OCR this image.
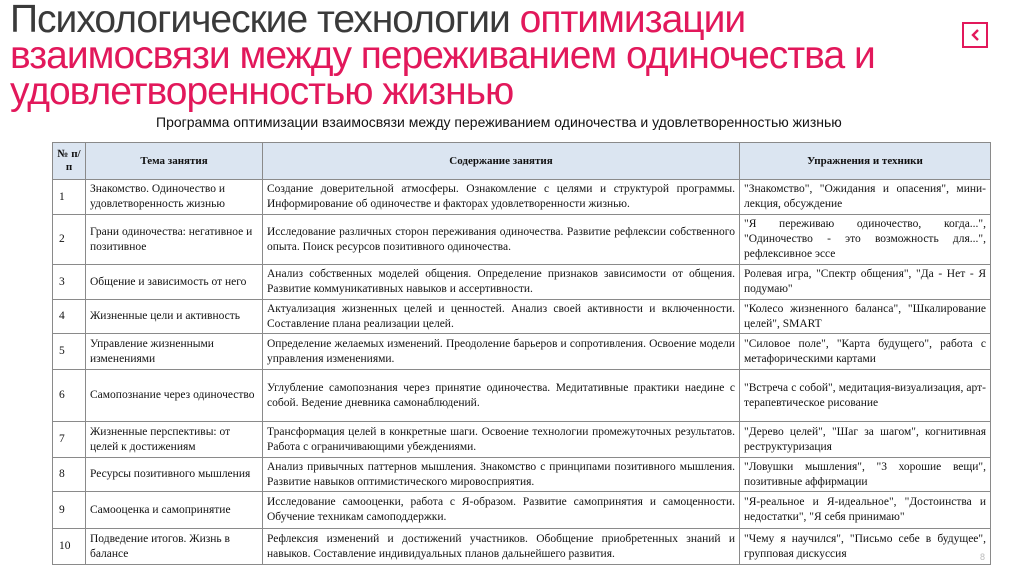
Психологические технологии оптимизации взаимосвязи между переживанием одиночества и удовлетворенностью жизнью

Программа оптимизации взаимосвязи между переживанием одиночества и удовлетворенностью жизнью

№ п/п	Тема занятия	Содержание занятия	Упражнения и техники
1	Знакомство. Одиночество и удовлетворенность жизнью	Создание доверительной атмосферы. Ознакомление с целями и структурой программы. Информирование об одиночестве и факторах удовлетворенности жизнью.	"Знакомство", "Ожидания и опасения", мини-лекция, обсуждение
2	Грани одиночества: негативное и позитивное	Исследование различных сторон переживания одиночества. Развитие рефлексии собственного опыта. Поиск ресурсов позитивного одиночества.	"Я переживаю одиночество, когда...", "Одиночество - это возможность для...", рефлексивное эссе
3	Общение и зависимость от него	Анализ собственных моделей общения. Определение признаков зависимости от общения. Развитие коммуникативных навыков и ассертивности.	Ролевая игра, "Спектр общения", "Да - Нет - Я подумаю"
4	Жизненные цели и активность	Актуализация жизненных целей и ценностей. Анализ своей активности и включенности. Составление плана реализации целей.	"Колесо жизненного баланса", "Шкалирование целей", SMART
5	Управление жизненными изменениями	Определение желаемых изменений. Преодоление барьеров и сопротивления. Освоение модели управления изменениями.	"Силовое поле", "Карта будущего", работа с метафорическими картами
6	Самопознание через одиночество	Углубление самопознания через принятие одиночества. Медитативные практики наедине с собой. Ведение дневника самонаблюдений.	"Встреча с собой", медитация-визуализация, арт-терапевтическое рисование
7	Жизненные перспективы: от целей к достижениям	Трансформация целей в конкретные шаги. Освоение технологии промежуточных результатов. Работа с ограничивающими убеждениями.	"Дерево целей", "Шаг за шагом", когнитивная реструктуризация
8	Ресурсы позитивного мышления	Анализ привычных паттернов мышления. Знакомство с принципами позитивного мышления. Развитие навыков оптимистического мировосприятия.	"Ловушки мышления", "3 хорошие вещи", позитивные аффирмации
9	Самооценка и самопринятие	Исследование самооценки, работа с Я-образом. Развитие самопринятия и самоценности. Обучение техникам самоподдержки.	"Я-реальное и Я-идеальное", "Достоинства и недостатки", "Я себя принимаю"
10	Подведение итогов. Жизнь в балансе	Рефлексия изменений и достижений участников. Обобщение приобретенных знаний и навыков. Составление индивидуальных планов дальнейшего развития.	"Чему я научился", "Письмо себе в будущее", групповая дискуссия	8
